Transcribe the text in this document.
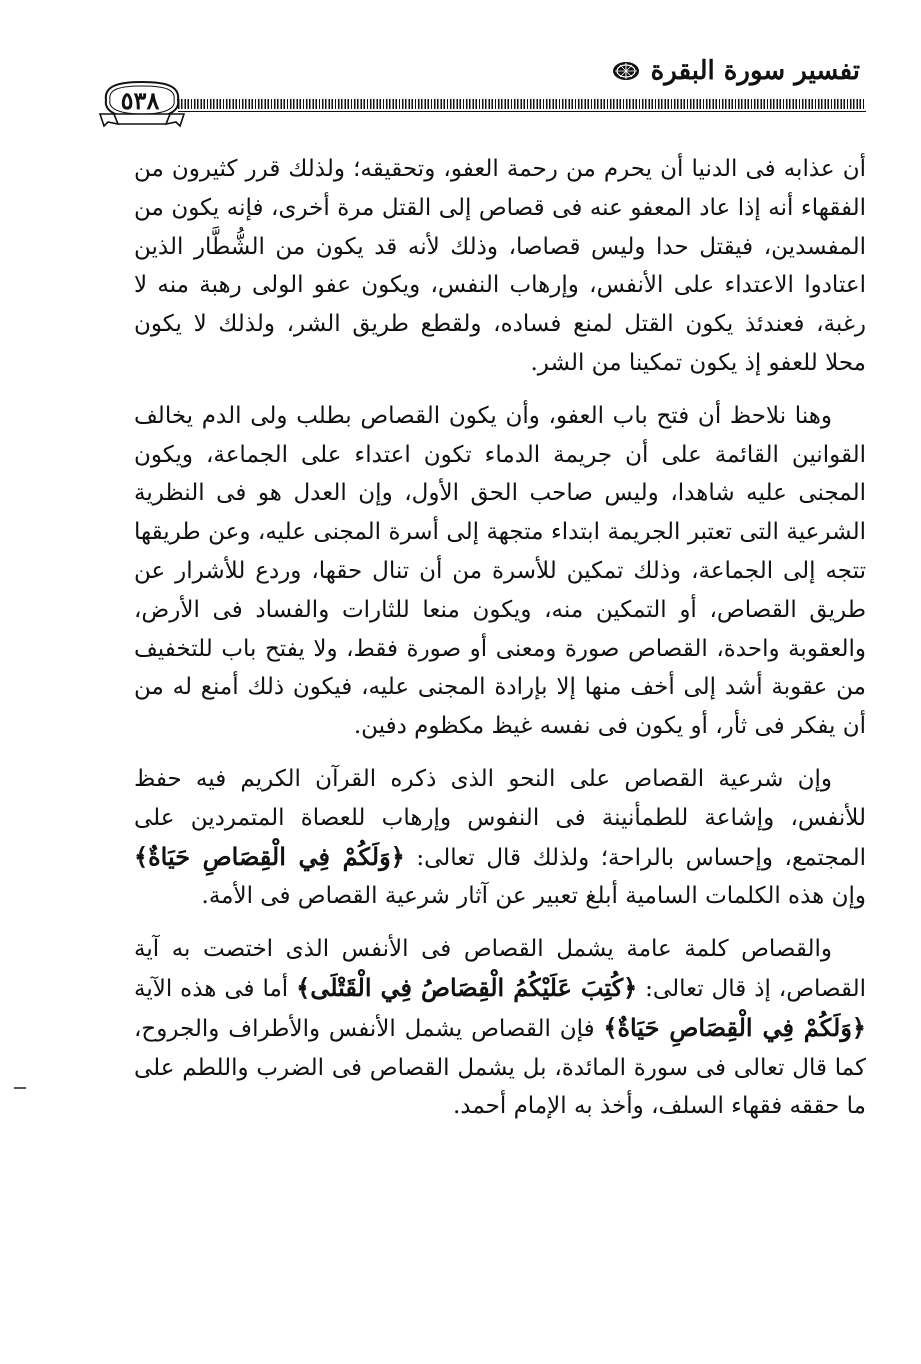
تفسير سورة البقرة
٥٣٨

أن عذابه فى الدنيا أن يحرم من رحمة العفو، وتحقيقه؛ ولذلك قرر كثيرون من الفقهاء أنه إذا عاد المعفو عنه فى قصاص إلى القتل مرة أخرى، فإنه يكون من المفسدين، فيقتل حدا وليس قصاصا، وذلك لأنه قد يكون من الشُّطَّار الذين اعتادوا الاعتداء على الأنفس، وإرهاب النفس، ويكون عفو الولى رهبة منه لا رغبة، فعندئذ يكون القتل لمنع فساده، ولقطع طريق الشر، ولذلك لا يكون محلا للعفو إذ يكون تمكينا من الشر.

وهنا نلاحظ أن فتح باب العفو، وأن يكون القصاص بطلب ولى الدم يخالف القوانين القائمة على أن جريمة الدماء تكون اعتداء على الجماعة، ويكون المجنى عليه شاهدا، وليس صاحب الحق الأول، وإن العدل هو فى النظرية الشرعية التى تعتبر الجريمة ابتداء متجهة إلى أسرة المجنى عليه، وعن طريقها تتجه إلى الجماعة، وذلك تمكين للأسرة من أن تنال حقها، وردع للأشرار عن طريق القصاص، أو التمكين منه، ويكون منعا للثارات والفساد فى الأرض، والعقوبة واحدة، القصاص صورة ومعنى أو صورة فقط، ولا يفتح باب للتخفيف من عقوبة أشد إلى أخف منها إلا بإرادة المجنى عليه، فيكون ذلك أمنع له من أن يفكر فى ثأر، أو يكون فى نفسه غيظ مكظوم دفين.

وإن شرعية القصاص على النحو الذى ذكره القرآن الكريم فيه حفظ للأنفس، وإشاعة للطمأنينة فى النفوس وإرهاب للعصاة المتمردين على المجتمع، وإحساس بالراحة؛ ولذلك قال تعالى: ﴿وَلَكُمْ فِي الْقِصَاصِ حَيَاةٌ﴾ وإن هذه الكلمات السامية أبلغ تعبير عن آثار شرعية القصاص فى الأمة.

والقصاص كلمة عامة يشمل القصاص فى الأنفس الذى اختصت به آية القصاص، إذ قال تعالى: ﴿كُتِبَ عَلَيْكُمُ الْقِصَاصُ فِي الْقَتْلَى﴾ أما فى هذه الآية ﴿وَلَكُمْ فِي الْقِصَاصِ حَيَاةٌ﴾ فإن القصاص يشمل الأنفس والأطراف والجروح، كما قال تعالى فى سورة المائدة، بل يشمل القصاص فى الضرب واللطم على ما حققه فقهاء السلف، وأخذ به الإمام أحمد.
